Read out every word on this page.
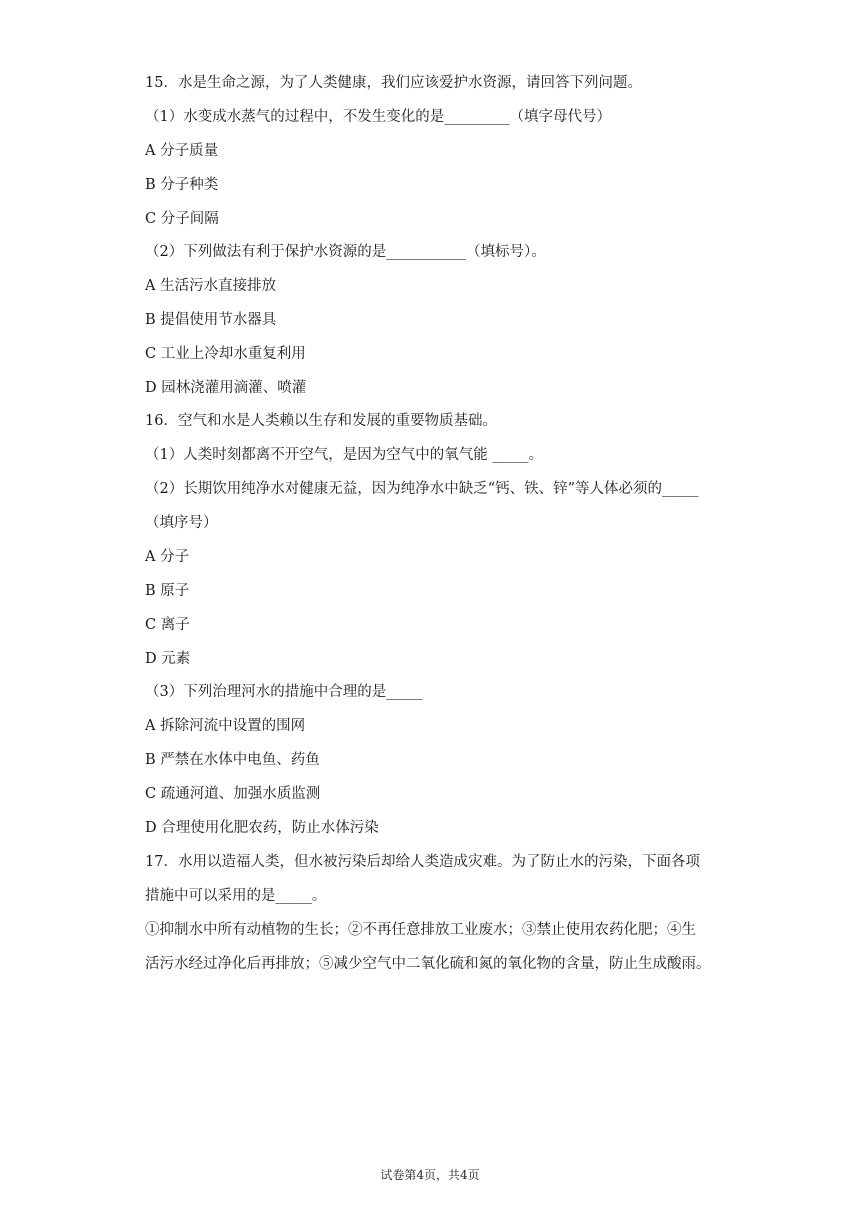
15．水是生命之源，为了人类健康，我们应该爱护水资源，请回答下列问题。
（1）水变成水蒸气的过程中，不发生变化的是_________（填字母代号）
A 分子质量
B 分子种类
C 分子间隔
（2）下列做法有利于保护水资源的是___________（填标号）。
A 生活污水直接排放
B 提倡使用节水器具
C 工业上冷却水重复利用
D 园林浇灌用滴灌、喷灌
16．空气和水是人类赖以生存和发展的重要物质基础。
（1）人类时刻都离不开空气，是因为空气中的氧气能 _____。
（2）长期饮用纯净水对健康无益，因为纯净水中缺乏“钙、铁、锌”等人体必须的_____
（填序号）
A 分子
B 原子
C 离子
D 元素
（3）下列治理河水的措施中合理的是_____
A 拆除河流中设置的围网
B 严禁在水体中电鱼、药鱼
C 疏通河道、加强水质监测
D 合理使用化肥农药，防止水体污染
17．水用以造福人类，但水被污染后却给人类造成灾难。为了防止水的污染，下面各项
措施中可以采用的是_____。
①抑制水中所有动植物的生长；②不再任意排放工业废水；③禁止使用农药化肥；④生
活污水经过净化后再排放；⑤减少空气中二氧化硫和氮的氧化物的含量，防止生成酸雨。
试卷第4页，共4页
